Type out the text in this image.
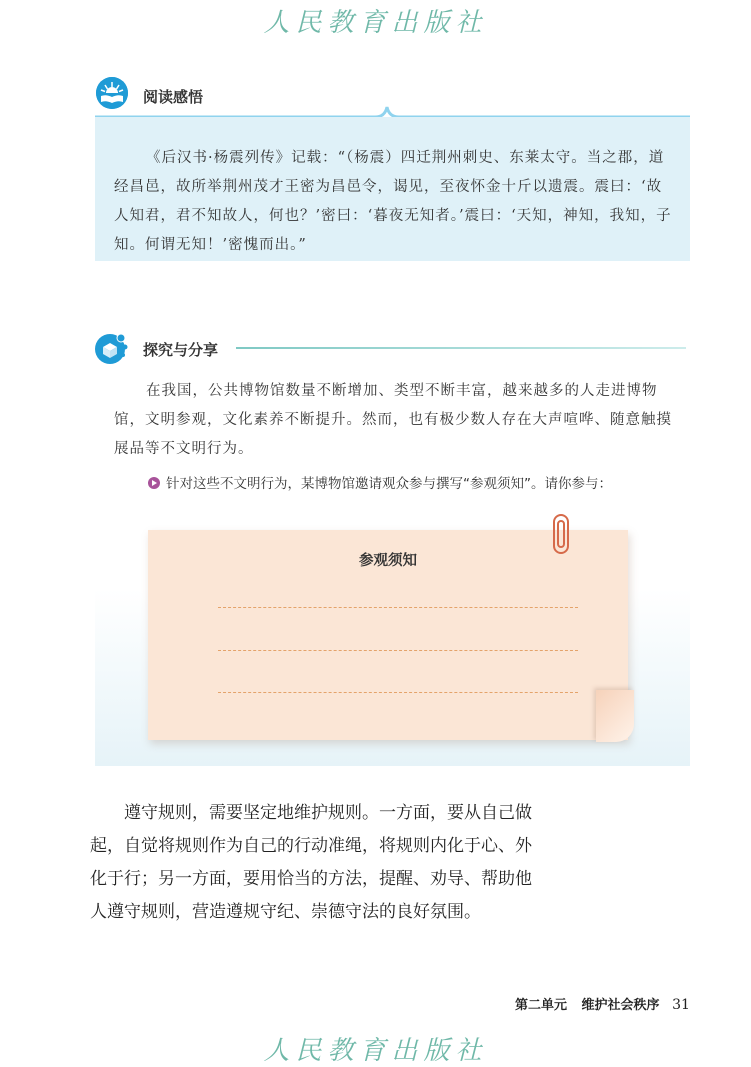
人民教育出版社
阅读感悟
《后汉书·杨震列传》记载：“（杨震）四迁荆州刺史、东莱太守。当之郡，道经昌邑，故所举荆州茂才王密为昌邑令，谒见，至夜怀金十斤以遗震。震曰：‘故人知君，君不知故人，何也？’密曰：‘暮夜无知者。’震曰：‘天知，神知，我知，子知。何谓无知！’密愧而出。”
探究与分享
在我国，公共博物馆数量不断增加、类型不断丰富，越来越多的人走进博物馆，文明参观，文化素养不断提升。然而，也有极少数人存在大声喧哗、随意触摸展品等不文明行为。
针对这些不文明行为，某博物馆邀请观众参与撰写“参观须知”。请你参与：
参观须知
遵守规则，需要坚定地维护规则。一方面，要从自己做起，自觉将规则作为自己的行动准绳，将规则内化于心、外化于行；另一方面，要用恰当的方法，提醒、劝导、帮助他人遵守规则，营造遵规守纪、崇德守法的良好氛围。
第二单元 维护社会秩序 31
人民教育出版社
